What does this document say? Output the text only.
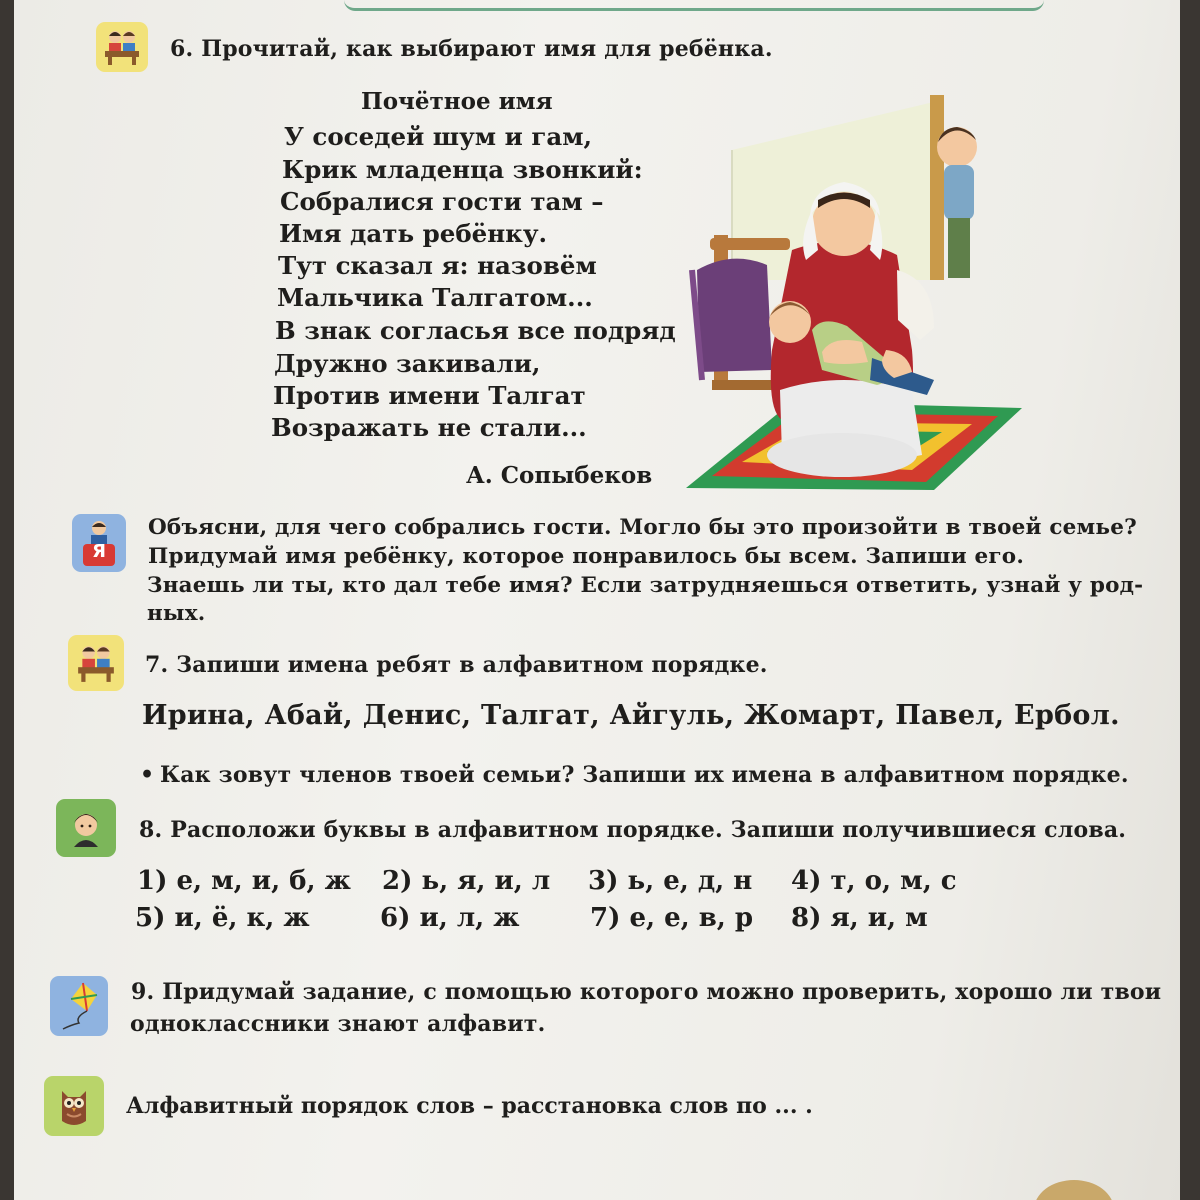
6. Прочитай, как выбирают имя для ребёнка.
Почётное имя
У соседей шум и гам,
Крик младенца звонкий:
Собралися гости там –
Имя дать ребёнку.
Тут сказал я: назовём
Мальчика Талгатом...
В знак согласья все подряд
Дружно закивали,
Против имени Талгат
Возражать не стали...
А. Сопыбеков
Я
Объясни, для чего собрались гости. Могло бы это произойти в твоей семье?
Придумай имя ребёнку, которое понравилось бы всем. Запиши его.
Знаешь ли ты, кто дал тебе имя? Если затрудняешься ответить, узнай у род-
ных.
7. Запиши имена ребят в алфавитном порядке.
Ирина, Абай, Денис, Талгат, Айгуль, Жомарт, Павел, Ербол.
• Как зовут членов твоей семьи? Запиши их имена в алфавитном порядке.
8. Расположи буквы в алфавитном порядке. Запиши получившиеся слова.
1) е, м, и, б, ж 2) ь, я, и, л 3) ь, е, д, н 4) т, о, м, с
5) и, ё, к, ж	6) и, л, ж	7) е, е, в, р 8) я, и, м
9. Придумай задание, с помощью которого можно проверить, хорошо ли твои
одноклассники знают алфавит.
Алфавитный порядок слов – расстановка слов по ... .
